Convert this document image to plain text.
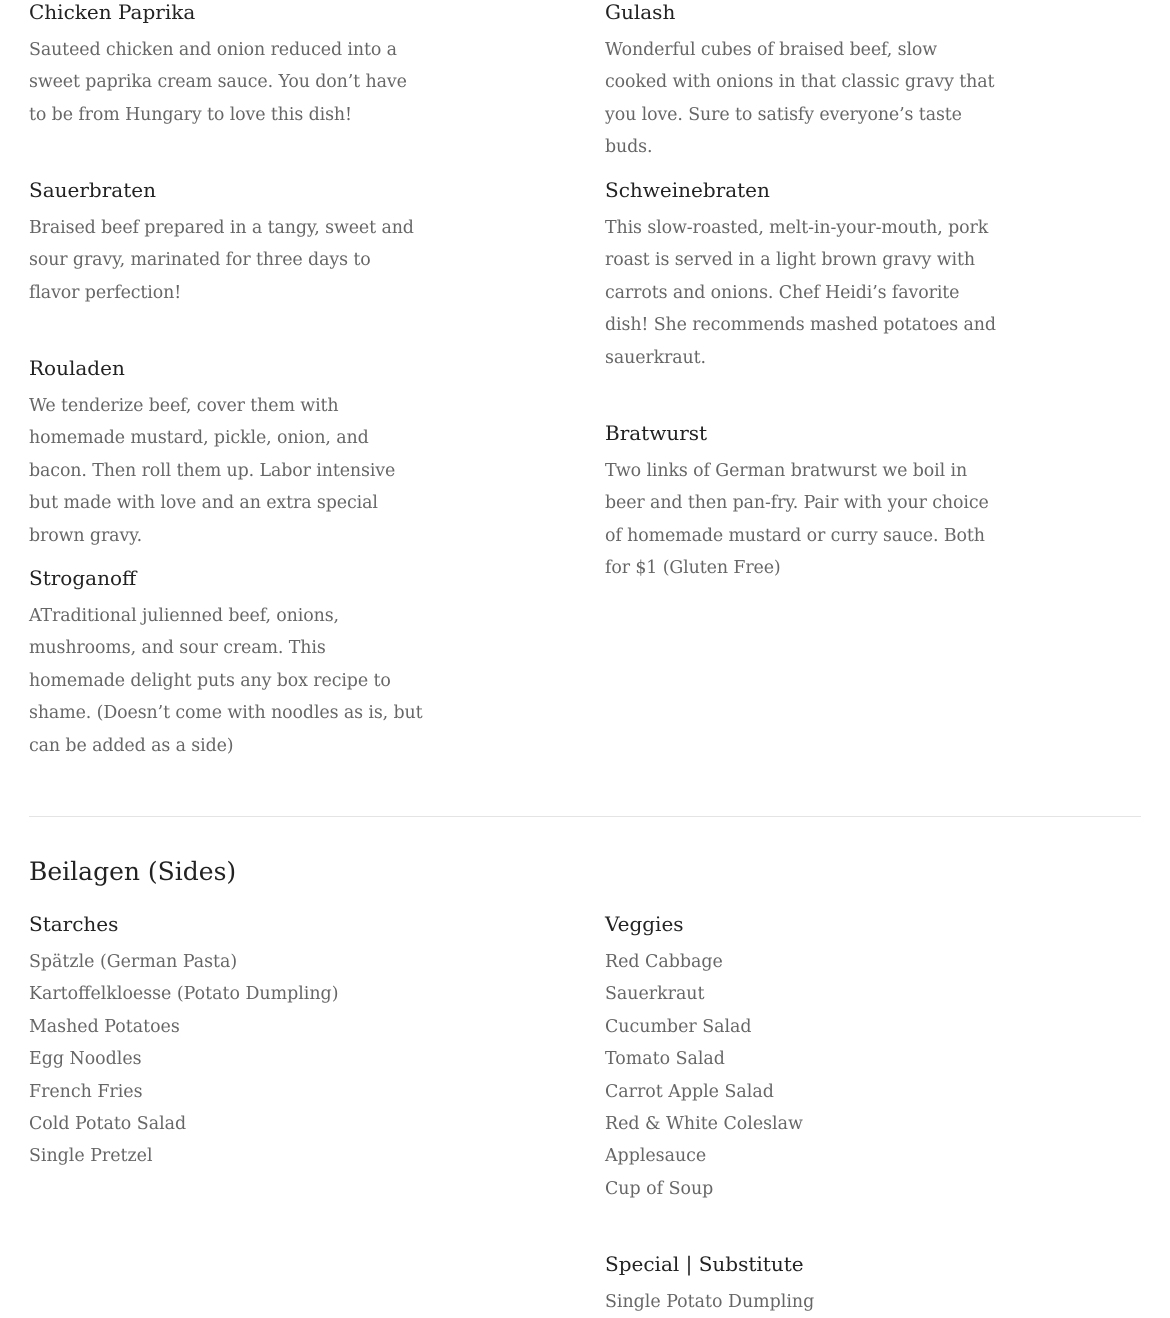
Chicken Paprika

Sauteed chicken and onion reduced into a sweet paprika cream sauce. You don’t have to be from Hungary to love this dish!

Sauerbraten

Braised beef prepared in a tangy, sweet and sour gravy, marinated for three days to flavor perfection!

Rouladen

We tenderize beef, cover them with homemade mustard, pickle, onion, and bacon. Then roll them up. Labor intensive but made with love and an extra special brown gravy.

Stroganoff

ATraditional julienned beef, onions, mushrooms, and sour cream. This homemade delight puts any box recipe to shame. (Doesn’t come with noodles as is, but can be added as a side)

Gulash

Wonderful cubes of braised beef, slow cooked with onions in that classic gravy that you love. Sure to satisfy everyone’s taste buds.

Schweinebraten

This slow-roasted, melt-in-your-mouth, pork roast is served in a light brown gravy with carrots and onions. Chef Heidi’s favorite dish! She recommends mashed potatoes and sauerkraut.

Bratwurst

Two links of German bratwurst we boil in beer and then pan-fry. Pair with your choice of homemade mustard or curry sauce. Both for $1 (Gluten Free)

Beilagen (Sides)
Starches
Spätzle (German Pasta)
Kartoffelkloesse (Potato Dumpling)
Mashed Potatoes
Egg Noodles
French Fries
Cold Potato Salad
Single Pretzel
Veggies
Red Cabbage
Sauerkraut
Cucumber Salad
Tomato Salad
Carrot Apple Salad
Red & White Coleslaw
Applesauce
Cup of Soup
Special | Substitute
Single Potato Dumpling
